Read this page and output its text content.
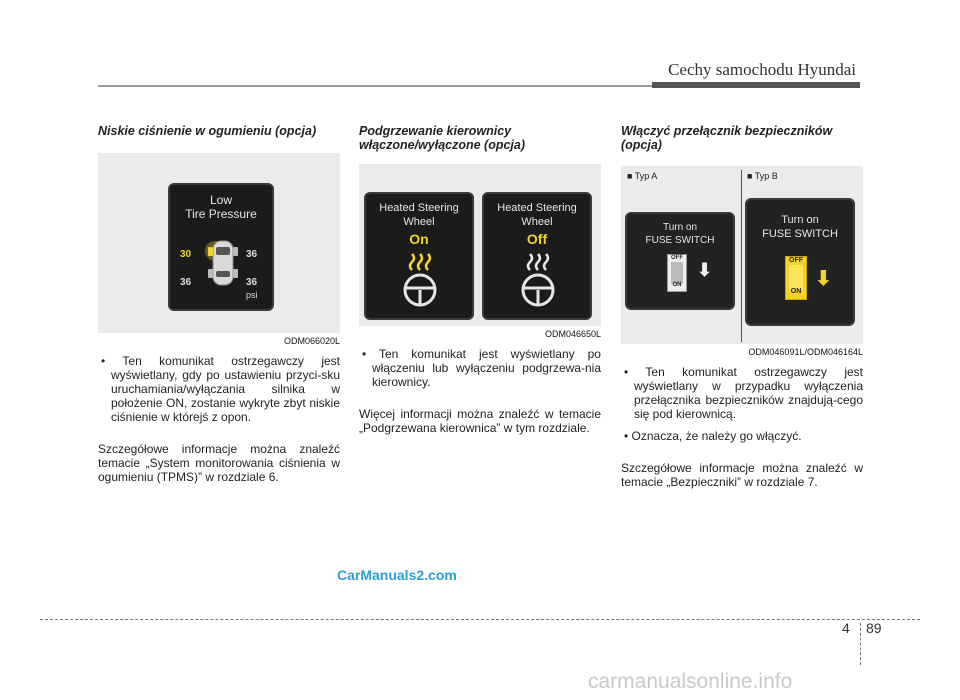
Cechy samochodu Hyundai
Niskie ciśnienie w ogumieniu (opcja)
Low
Tire Pressure
30	36
36	36
psi
ODM066020L
• Ten komunikat ostrzegawczy jest wyświetlany, gdy po ustawieniu przyci-sku uruchamiania/wyłączania silnika w położenie ON, zostanie wykryte zbyt niskie ciśnienie w którejś z opon.
Szczegółowe informacje można znaleźć temacie „System monitorowania ciśnienia w ogumieniu (TPMS)” w rozdziale 6.
Podgrzewanie kierownicy włączone/wyłączone (opcja)
Heated Steering
Wheel
On
Heated Steering
Wheel
Off
ODM046650L
• Ten komunikat jest wyświetlany po włączeniu lub wyłączeniu podgrzewa-nia kierownicy.
Więcej informacji można znaleźć w temacie „Podgrzewana kierownica” w tym rozdziale.
Włączyć przełącznik bezpieczników (opcja)
■ Typ A	■ Typ B
Turn on
FUSE SWITCH
OFF
ON
⬇
Turn on
FUSE SWITCH
OFF
ON
⬇
ODM046091L/ODM046164L
• Ten komunikat ostrzegawczy jest wyświetlany w przypadku wyłączenia przełącznika bezpieczników znajdują-cego się pod kierownicą.
• Oznacza, że należy go włączyć.
Szczegółowe informacje można znaleźć w temacie „Bezpieczniki” w rozdziale 7.
CarManuals2.com
4 89
carmanualsonline.info
